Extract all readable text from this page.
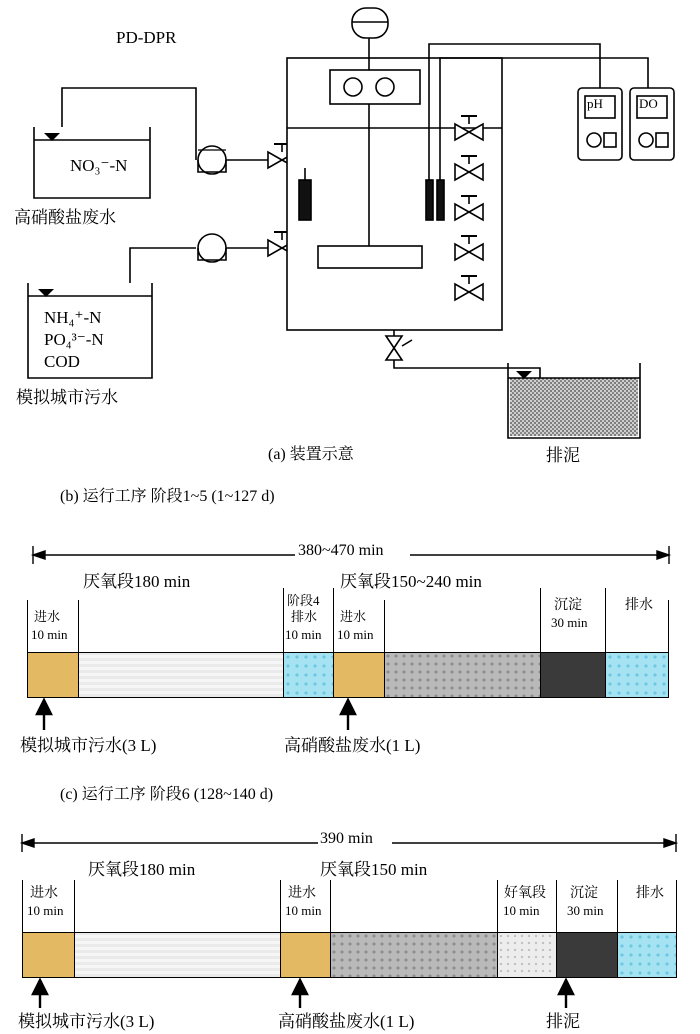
PD-DPR
NO₃⁻-N
高硝酸盐废水
NH₄⁺-N
PO₄³⁻-N
COD
模拟城市污水
pH	DO
排泥
(a) 装置示意
(b) 运行工序 阶段1~5 (1~127 d)
380~470 min
厌氧段180 min	厌氧段150~240 min
进水
10 min
阶段4
排水
10 min
进水
10 min
沉淀
30 min
排水
模拟城市污水(3 L)	高硝酸盐废水(1 L)
(c) 运行工序 阶段6 (128~140 d)
390 min
厌氧段180 min	厌氧段150 min
进水
10 min
进水
10 min
好氧段
10 min
沉淀
30 min
排水
模拟城市污水(3 L)	高硝酸盐废水(1 L)	排泥
